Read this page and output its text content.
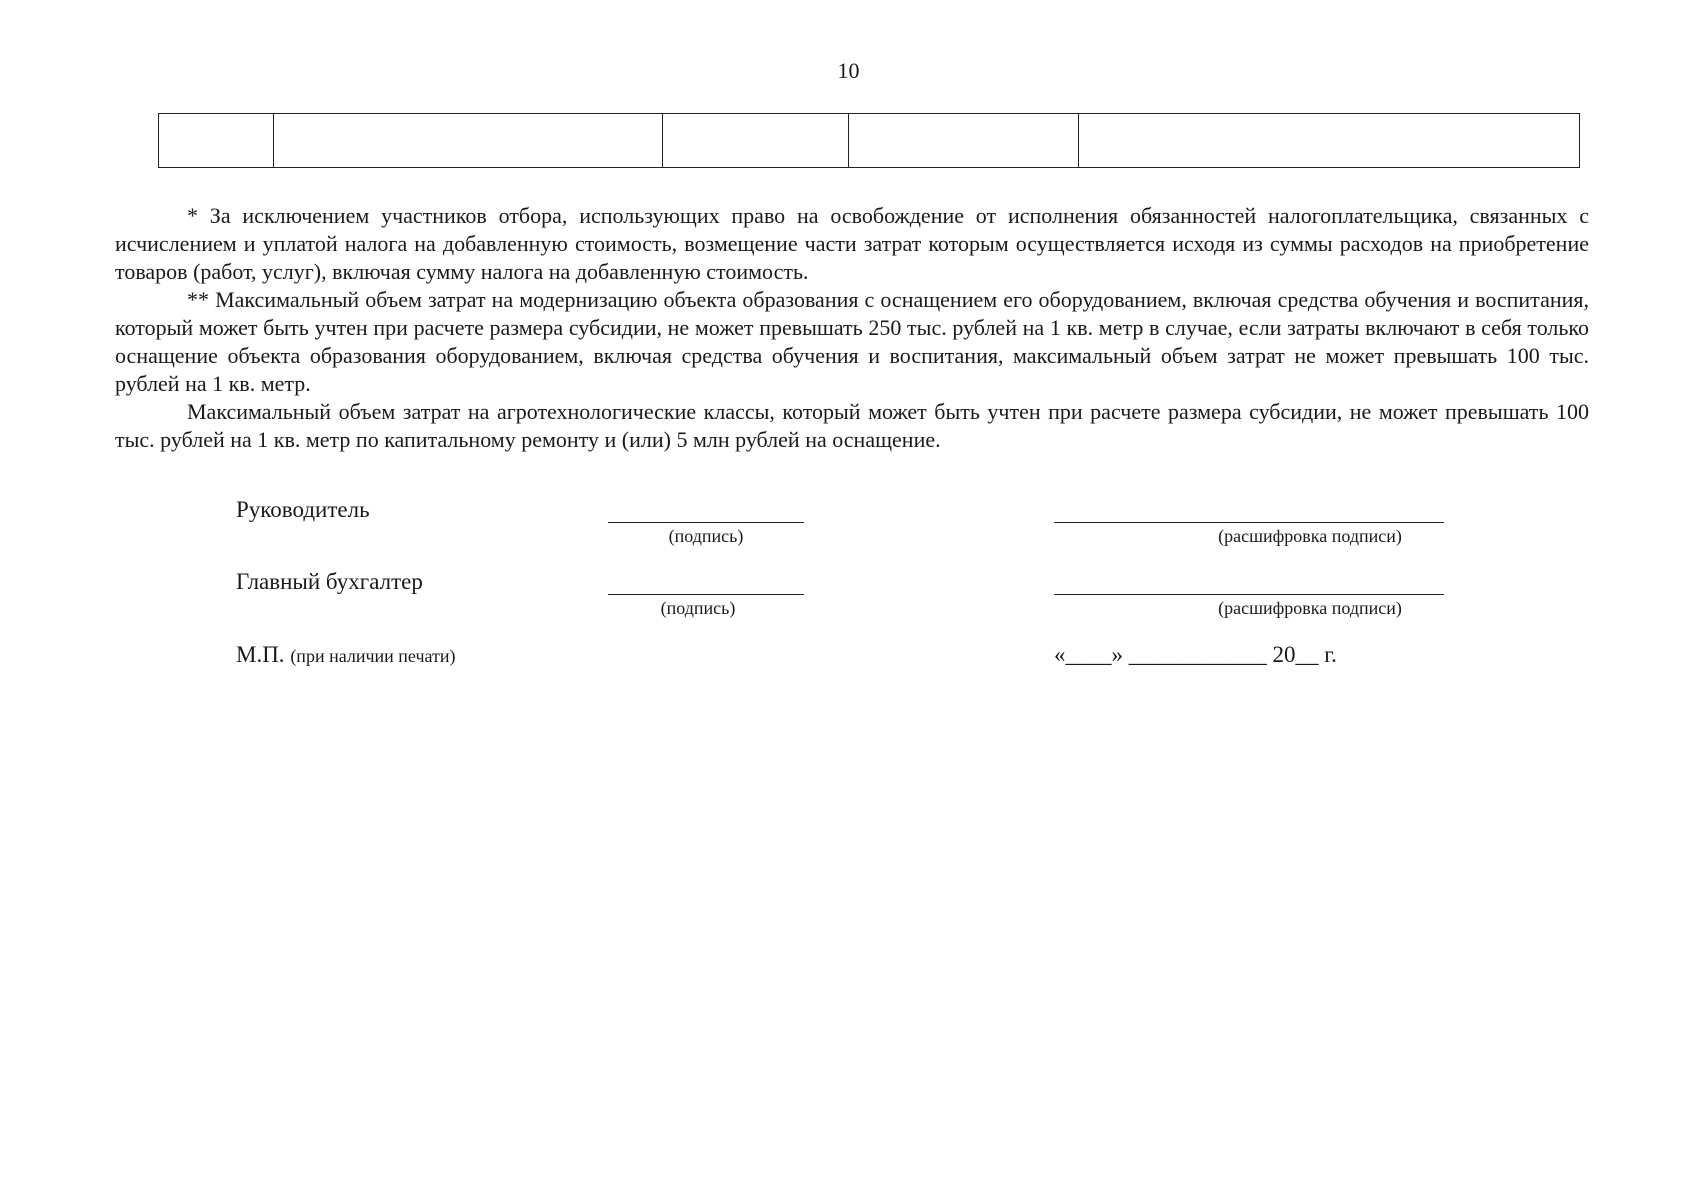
10

* За исключением участников отбора, использующих право на освобождение от исполнения обязанностей налогоплательщика, связанных с исчислением и уплатой налога на добавленную стоимость, возмещение части затрат которым осуществляется исходя из суммы расходов на приобретение товаров (работ, услуг), включая сумму налога на добавленную стоимость.

** Максимальный объем затрат на модернизацию объекта образования с оснащением его оборудованием, включая средства обучения и воспитания, который может быть учтен при расчете размера субсидии, не может превышать 250 тыс. рублей на 1 кв. метр в случае, если затраты включают в себя только оснащение объекта образования оборудованием, включая средства обучения и воспитания, максимальный объем затрат не может превышать 100 тыс. рублей на 1 кв. метр.

Максимальный объем затрат на агротехнологические классы, который может быть учтен при расчете размера субсидии, не может превышать 100 тыс. рублей на 1 кв. метр по капитальному ремонту и (или) 5 млн рублей на оснащение.

Руководитель
(подпись)	(расшифровка подписи)
Главный бухгалтер
(подпись)	(расшифровка подписи)
М.П. (при наличии печати)	«____» ____________ 20__ г.
